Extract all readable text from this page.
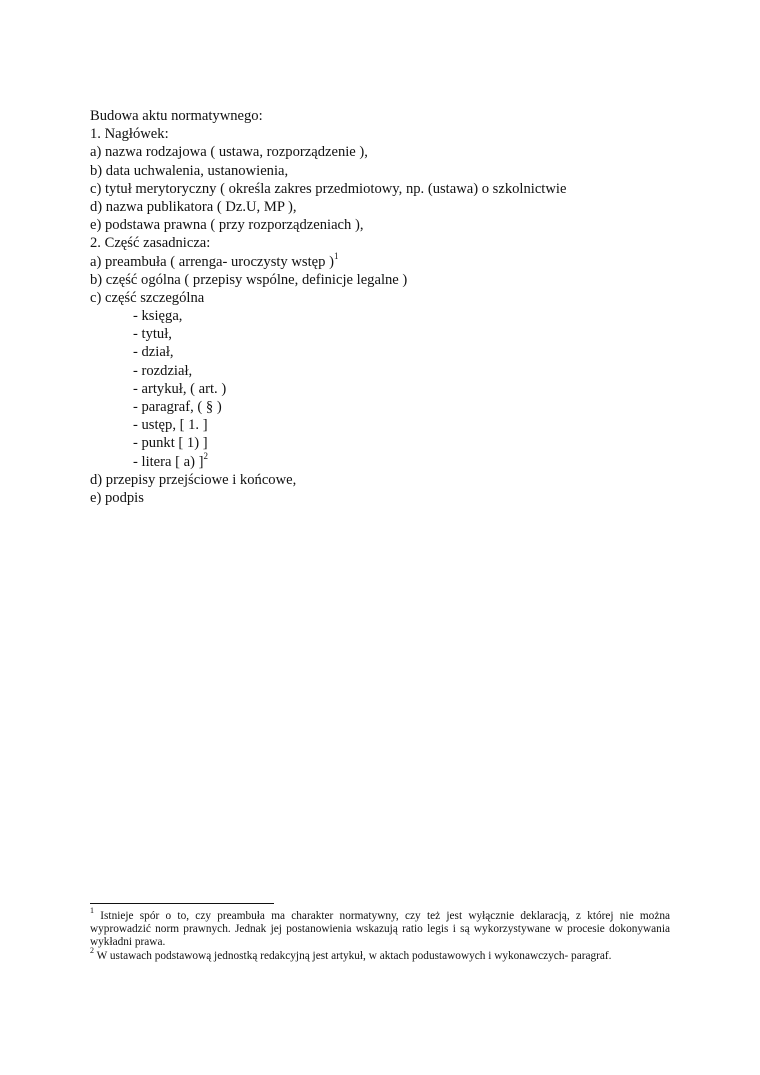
Budowa aktu normatywnego:
1. Nagłówek:
a) nazwa rodzajowa ( ustawa, rozporządzenie ),
b) data uchwalenia, ustanowienia,
c) tytuł merytoryczny ( określa zakres przedmiotowy, np. (ustawa) o szkolnictwie
d) nazwa publikatora ( Dz.U, MP ),
e) podstawa prawna ( przy rozporządzeniach ),
2. Część zasadnicza:
a) preambuła ( arrenga- uroczysty wstęp )$^1$
b) część ogólna ( przepisy wspólne, definicje legalne )
c) część szczególna
- księga,
- tytuł,
- dział,
- rozdział,
- artykuł, ( art. )
- paragraf, ( § )
- ustęp, [ 1. ]
- punkt [ 1) ]
- litera [ a) ]$^2$
d) przepisy przejściowe i końcowe,
e) podpis

$^1$ Istnieje spór o to, czy preambuła ma charakter normatywny, czy też jest wyłącznie deklaracją, z której nie można wyprowadzić norm prawnych. Jednak jej postanowienia wskazują ratio legis i są wykorzystywane w procesie dokonywania wykładni prawa.

$^2$ W ustawach podstawową jednostką redakcyjną jest artykuł, w aktach podustawowych i wykonawczych- paragraf.
